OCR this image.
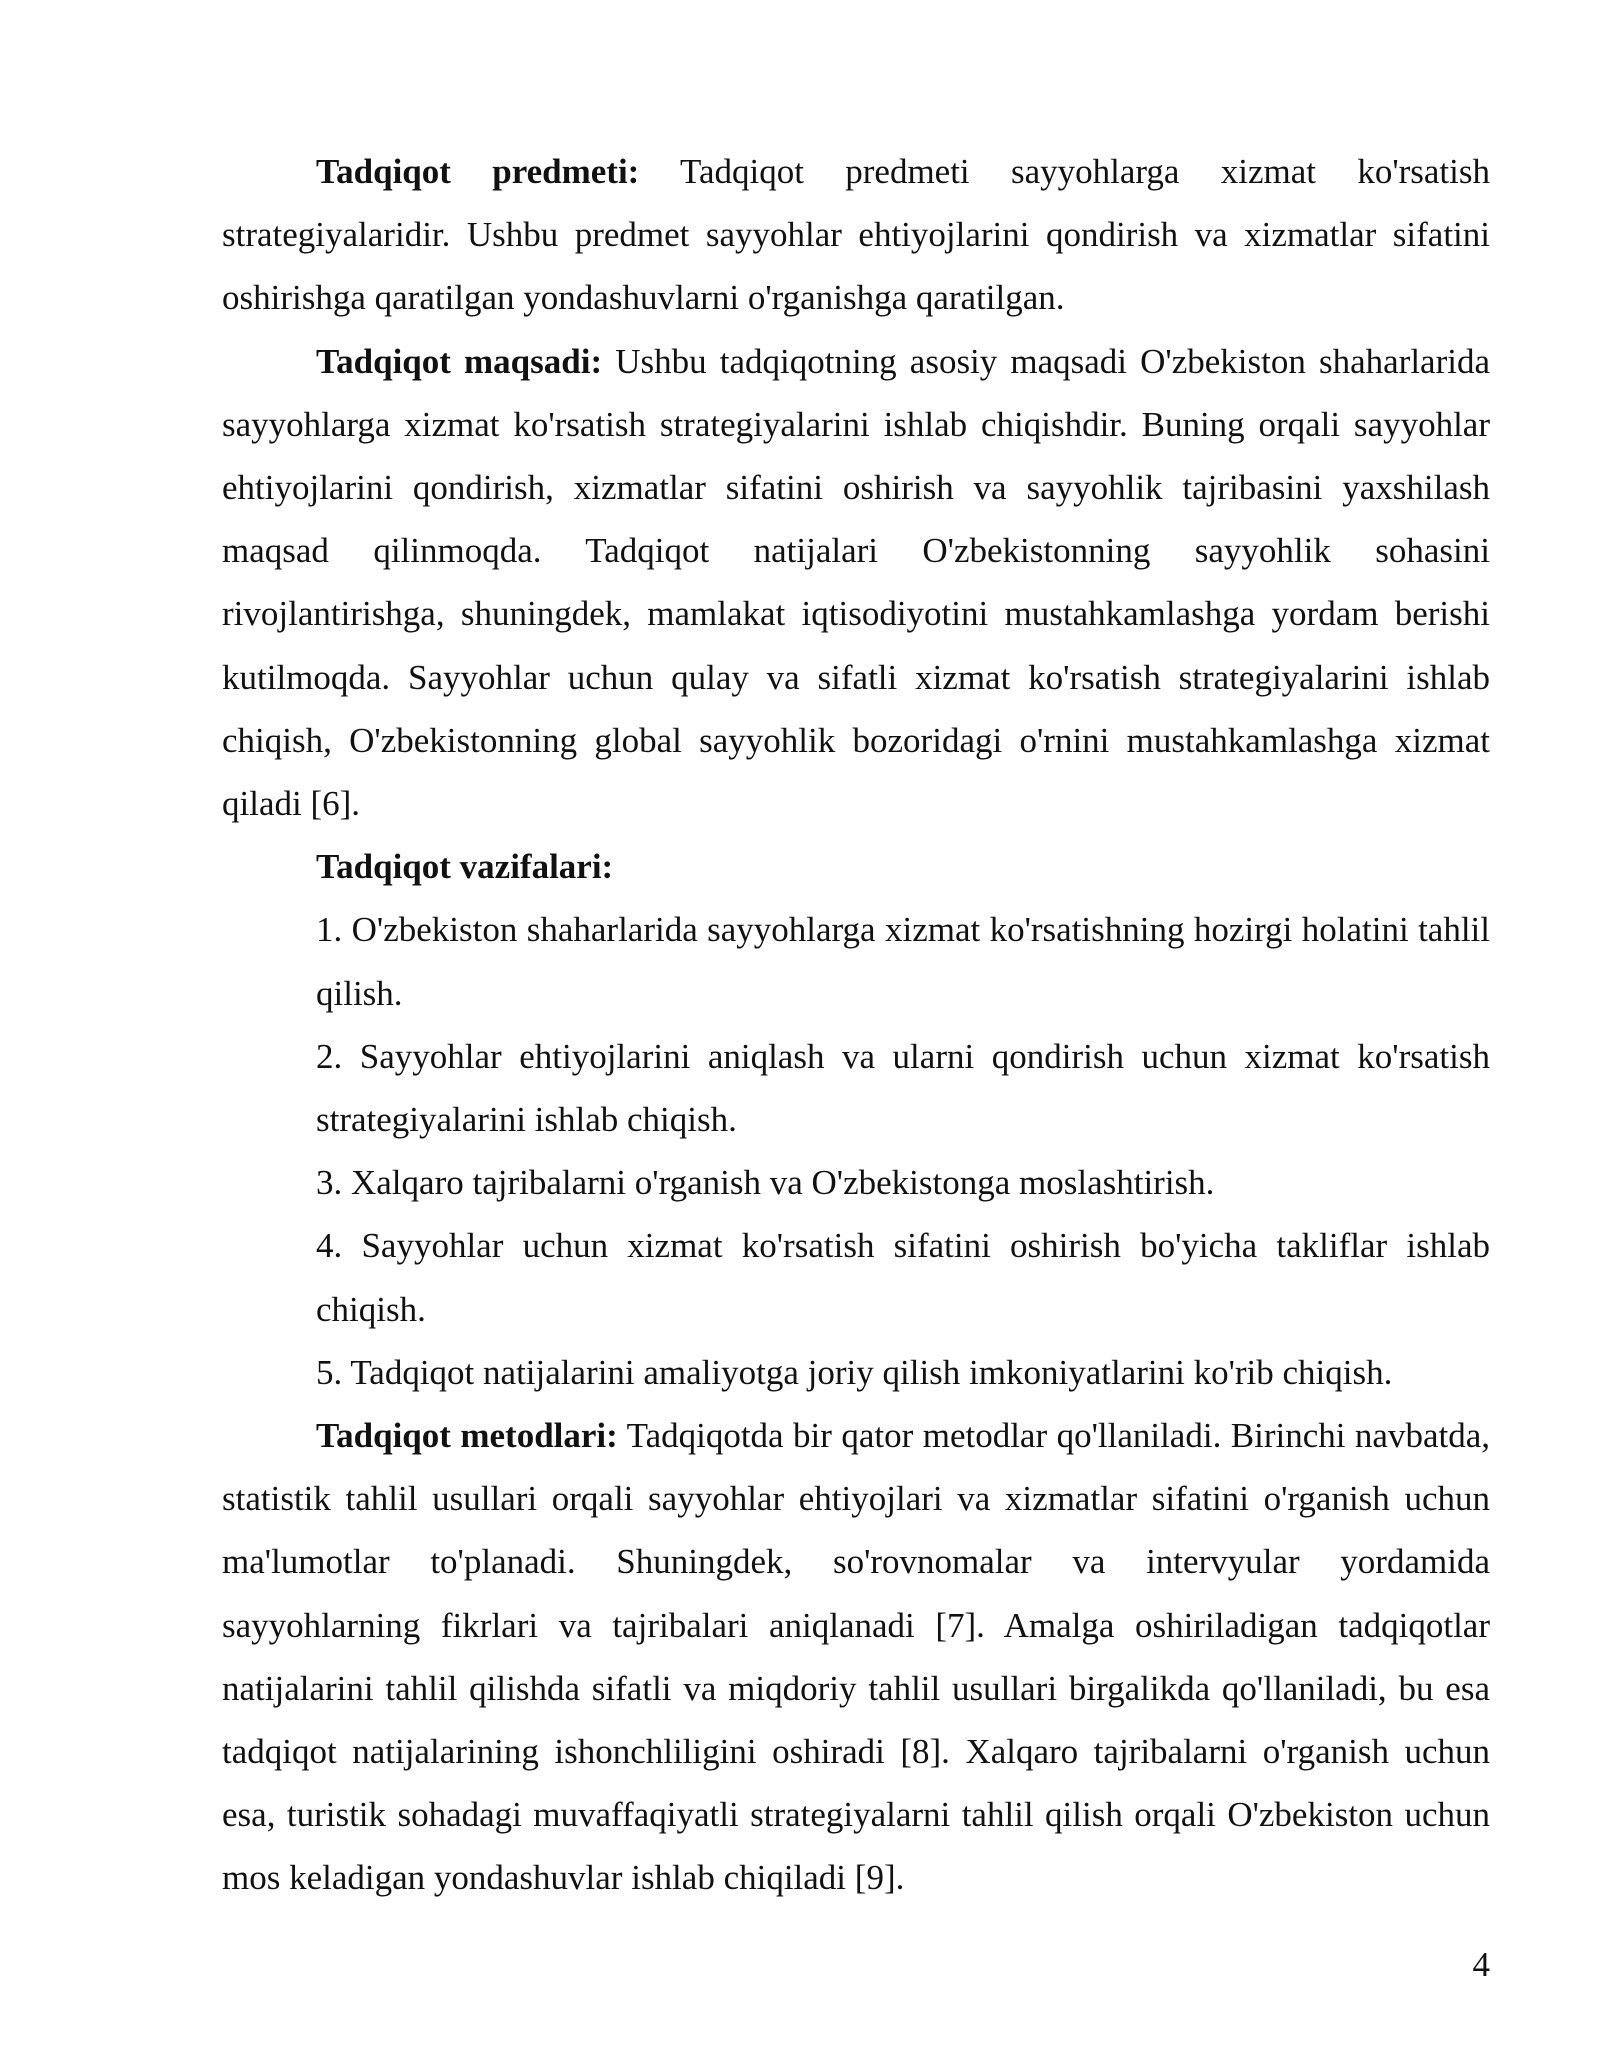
Tadqiqot predmeti: Tadqiqot predmeti sayyohlarga xizmat ko'rsatish strategiyalaridir. Ushbu predmet sayyohlar ehtiyojlarini qondirish va xizmatlar sifatini oshirishga qaratilgan yondashuvlarni o'rganishga qaratilgan.

Tadqiqot maqsadi: Ushbu tadqiqotning asosiy maqsadi O'zbekiston shaharlarida sayyohlarga xizmat ko'rsatish strategiyalarini ishlab chiqishdir. Buning orqali sayyohlar ehtiyojlarini qondirish, xizmatlar sifatini oshirish va sayyohlik tajribasini yaxshilash maqsad qilinmoqda. Tadqiqot natijalari O'zbekistonning sayyohlik sohasini rivojlantirishga, shuningdek, mamlakat iqtisodiyotini mustahkamlashga yordam berishi kutilmoqda. Sayyohlar uchun qulay va sifatli xizmat ko'rsatish strategiyalarini ishlab chiqish, O'zbekistonning global sayyohlik bozoridagi o'rnini mustahkamlashga xizmat qiladi [6].

Tadqiqot vazifalari:

1. O'zbekiston shaharlarida sayyohlarga xizmat ko'rsatishning hozirgi holatini tahlil qilish.

2. Sayyohlar ehtiyojlarini aniqlash va ularni qondirish uchun xizmat ko'rsatish strategiyalarini ishlab chiqish.

3. Xalqaro tajribalarni o'rganish va O'zbekistonga moslashtirish.

4. Sayyohlar uchun xizmat ko'rsatish sifatini oshirish bo'yicha takliflar ishlab chiqish.

5. Tadqiqot natijalarini amaliyotga joriy qilish imkoniyatlarini ko'rib chiqish.

Tadqiqot metodlari: Tadqiqotda bir qator metodlar qo'llaniladi. Birinchi navbatda, statistik tahlil usullari orqali sayyohlar ehtiyojlari va xizmatlar sifatini o'rganish uchun ma'lumotlar to'planadi. Shuningdek, so'rovnomalar va intervyular yordamida sayyohlarning fikrlari va tajribalari aniqlanadi [7]. Amalga oshiriladigan tadqiqotlar natijalarini tahlil qilishda sifatli va miqdoriy tahlil usullari birgalikda qo'llaniladi, bu esa tadqiqot natijalarining ishonchliligini oshiradi [8]. Xalqaro tajribalarni o'rganish uchun esa, turistik sohadagi muvaffaqiyatli strategiyalarni tahlil qilish orqali O'zbekiston uchun mos keladigan yondashuvlar ishlab chiqiladi [9].

4
